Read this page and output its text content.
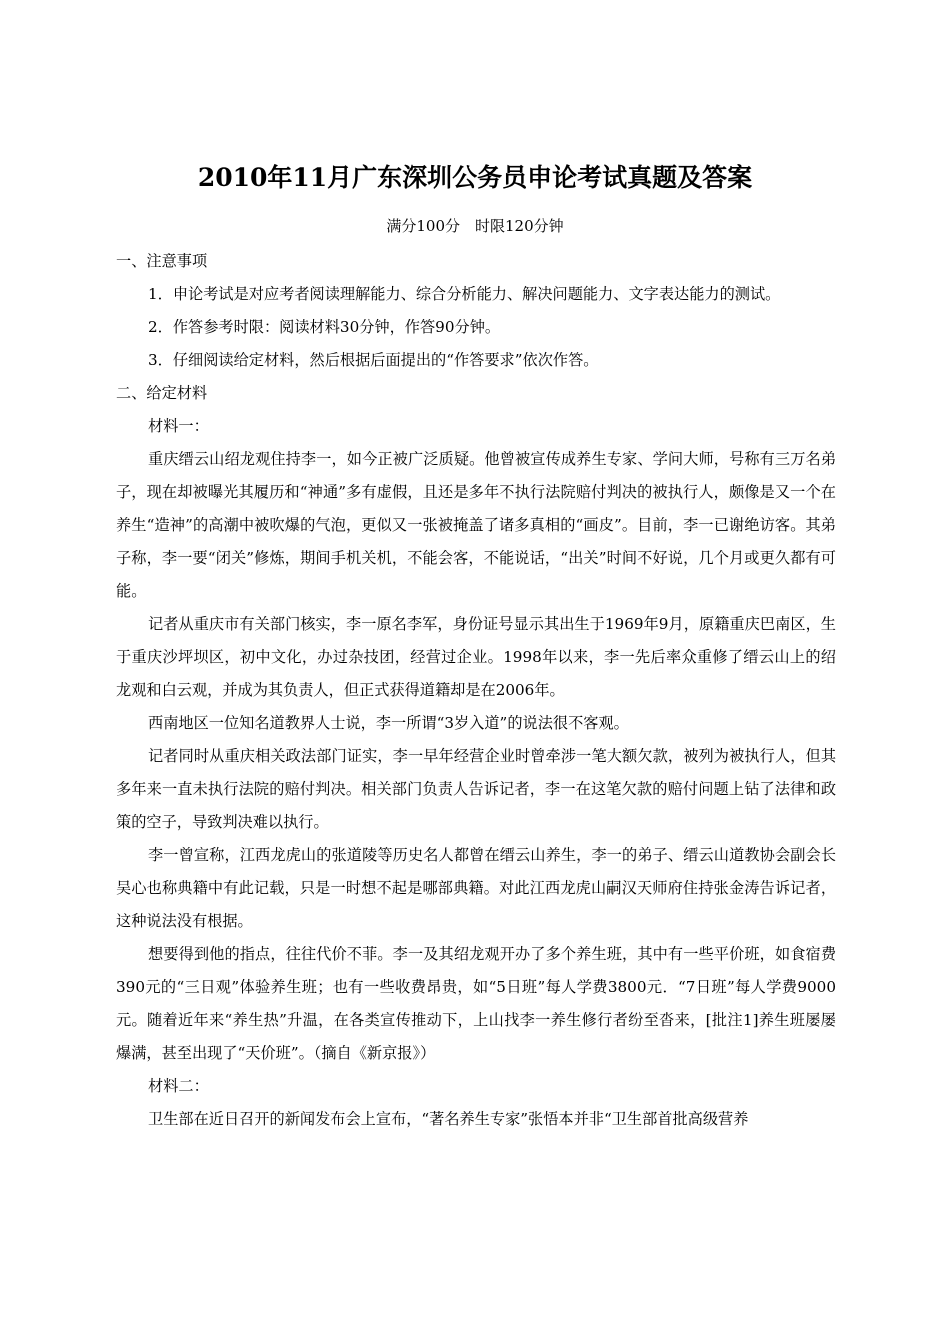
2010年11月广东深圳公务员申论考试真题及答案
满分100分　时限120分钟

一、注意事项

1．申论考试是对应考者阅读理解能力、综合分析能力、解决问题能力、文字表达能力的测试。

2．作答参考时限：阅读材料30分钟，作答90分钟。

3．仔细阅读给定材料，然后根据后面提出的“作答要求”依次作答。

二、给定材料

材料一：

重庆缙云山绍龙观住持李一，如今正被广泛质疑。他曾被宣传成养生专家、学问大师，号称有三万名弟子，现在却被曝光其履历和“神通”多有虚假，且还是多年不执行法院赔付判决的被执行人，颇像是又一个在养生“造神”的高潮中被吹爆的气泡，更似又一张被掩盖了诸多真相的“画皮”。目前，李一已谢绝访客。其弟子称，李一要“闭关”修炼，期间手机关机，不能会客，不能说话，“出关”时间不好说，几个月或更久都有可能。

记者从重庆市有关部门核实，李一原名李军，身份证号显示其出生于1969年9月，原籍重庆巴南区，生于重庆沙坪坝区，初中文化，办过杂技团，经营过企业。1998年以来，李一先后率众重修了缙云山上的绍龙观和白云观，并成为其负责人，但正式获得道籍却是在2006年。

西南地区一位知名道教界人士说，李一所谓“3岁入道”的说法很不客观。

记者同时从重庆相关政法部门证实，李一早年经营企业时曾牵涉一笔大额欠款，被列为被执行人，但其多年来一直未执行法院的赔付判决。相关部门负责人告诉记者，李一在这笔欠款的赔付问题上钻了法律和政策的空子，导致判决难以执行。

李一曾宣称，江西龙虎山的张道陵等历史名人都曾在缙云山养生，李一的弟子、缙云山道教协会副会长吴心也称典籍中有此记载，只是一时想不起是哪部典籍。对此江西龙虎山嗣汉天师府住持张金涛告诉记者，这种说法没有根据。

想要得到他的指点，往往代价不菲。李一及其绍龙观开办了多个养生班，其中有一些平价班，如食宿费390元的“三日观”体验养生班；也有一些收费昂贵，如“5日班”每人学费3800元．“7日班”每人学费9000元。随着近年来“养生热”升温，在各类宣传推动下，上山找李一养生修行者纷至沓来，[批注1]养生班屡屡爆满，甚至出现了“天价班”。（摘自《新京报》）

材料二：

卫生部在近日召开的新闻发布会上宣布，“著名养生专家”张悟本并非“卫生部首批高级营养
